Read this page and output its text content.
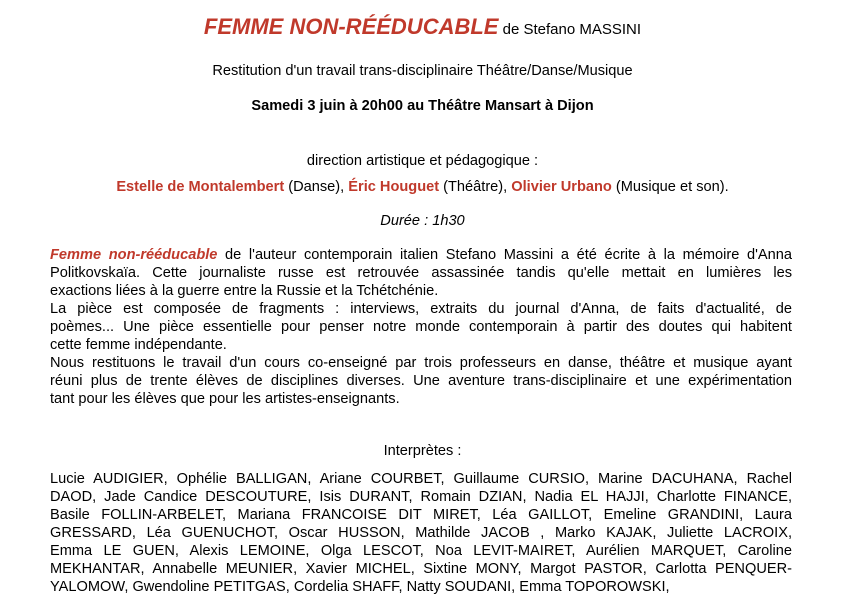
FEMME NON-RÉÉDUCABLE de Stefano MASSINI
Restitution d'un travail trans-disciplinaire Théâtre/Danse/Musique
Samedi 3 juin à 20h00 au Théâtre Mansart à Dijon
direction artistique et pédagogique :
Estelle de Montalembert (Danse), Éric Houguet (Théâtre), Olivier Urbano (Musique et son).
Durée : 1h30
Femme non-rééducable de l'auteur contemporain italien Stefano Massini a été écrite à la mémoire d'Anna
Politkovskaïa. Cette journaliste russe est retrouvée assassinée tandis qu'elle mettait en lumières les
exactions liées à la guerre entre la Russie et la Tchétchénie.
La pièce est composée de fragments : interviews, extraits du journal d'Anna, de faits d'actualité, de
poèmes... Une pièce essentielle pour penser notre monde contemporain à partir des doutes qui habitent
cette femme indépendante.
Nous restituons le travail d'un cours co-enseigné par trois professeurs en danse, théâtre et musique ayant
réuni plus de trente élèves de disciplines diverses. Une aventure trans-disciplinaire et une expérimentation
tant pour les élèves que pour les artistes-enseignants.
Interprètes :
Lucie AUDIGIER, Ophélie BALLIGAN, Ariane COURBET, Guillaume CURSIO, Marine DACUHANA, Rachel
DAOD, Jade Candice DESCOUTURE, Isis DURANT, Romain DZIAN, Nadia EL HAJJI, Charlotte FINANCE,
Basile FOLLIN-ARBELET, Mariana FRANCOISE DIT MIRET, Léa GAILLOT, Emeline GRANDINI, Laura
GRESSARD, Léa GUENUCHOT, Oscar HUSSON, Mathilde JACOB , Marko KAJAK, Juliette LACROIX,
Emma LE GUEN, Alexis LEMOINE, Olga LESCOT, Noa LEVIT-MAIRET, Aurélien MARQUET, Caroline
MEKHANTAR, Annabelle MEUNIER, Xavier MICHEL, Sixtine MONY, Margot PASTOR, Carlotta PENQUER-
YALOMOW, Gwendoline PETITGAS, Cordelia SHAFF, Natty SOUDANI, Emma TOPOROWSKI,
